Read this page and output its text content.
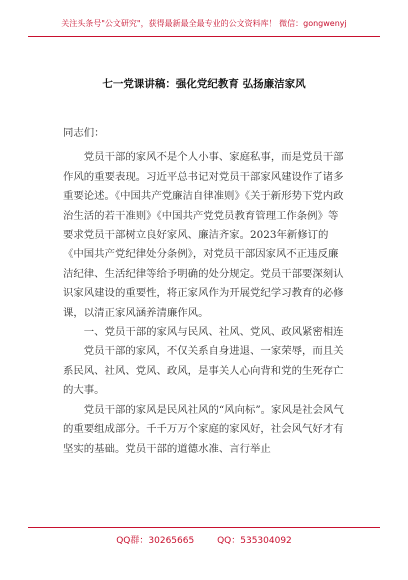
关注头条号"公文研究"，获得最新最全最专业的公文资料库！ 微信：gongwenyj
七一党课讲稿：强化党纪教育 弘扬廉洁家风

同志们：

党员干部的家风不是个人小事、家庭私事，而是党员干部作风的重要表现。习近平总书记对党员干部家风建设作了诸多重要论述。《中国共产党廉洁自律准则》《关于新形势下党内政治生活的若干准则》《中国共产党党员教育管理工作条例》等要求党员干部树立良好家风、廉洁齐家。2023年新修订的《中国共产党纪律处分条例》，对党员干部因家风不正违反廉洁纪律、生活纪律等给予明确的处分规定。党员干部要深刻认识家风建设的重要性，将正家风作为开展党纪学习教育的必修课，以清正家风涵养清廉作风。

一、党员干部的家风与民风、社风、党风、政风紧密相连

党员干部的家风，不仅关系自身进退、一家荣辱，而且关系民风、社风、党风、政风，是事关人心向背和党的生死存亡的大事。

党员干部的家风是民风社风的“风向标”。家风是社会风气的重要组成部分。千千万万个家庭的家风好，社会风气好才有坚实的基础。党员干部的道德水准、言行举止

QQ群：30265665	QQ：535304092
